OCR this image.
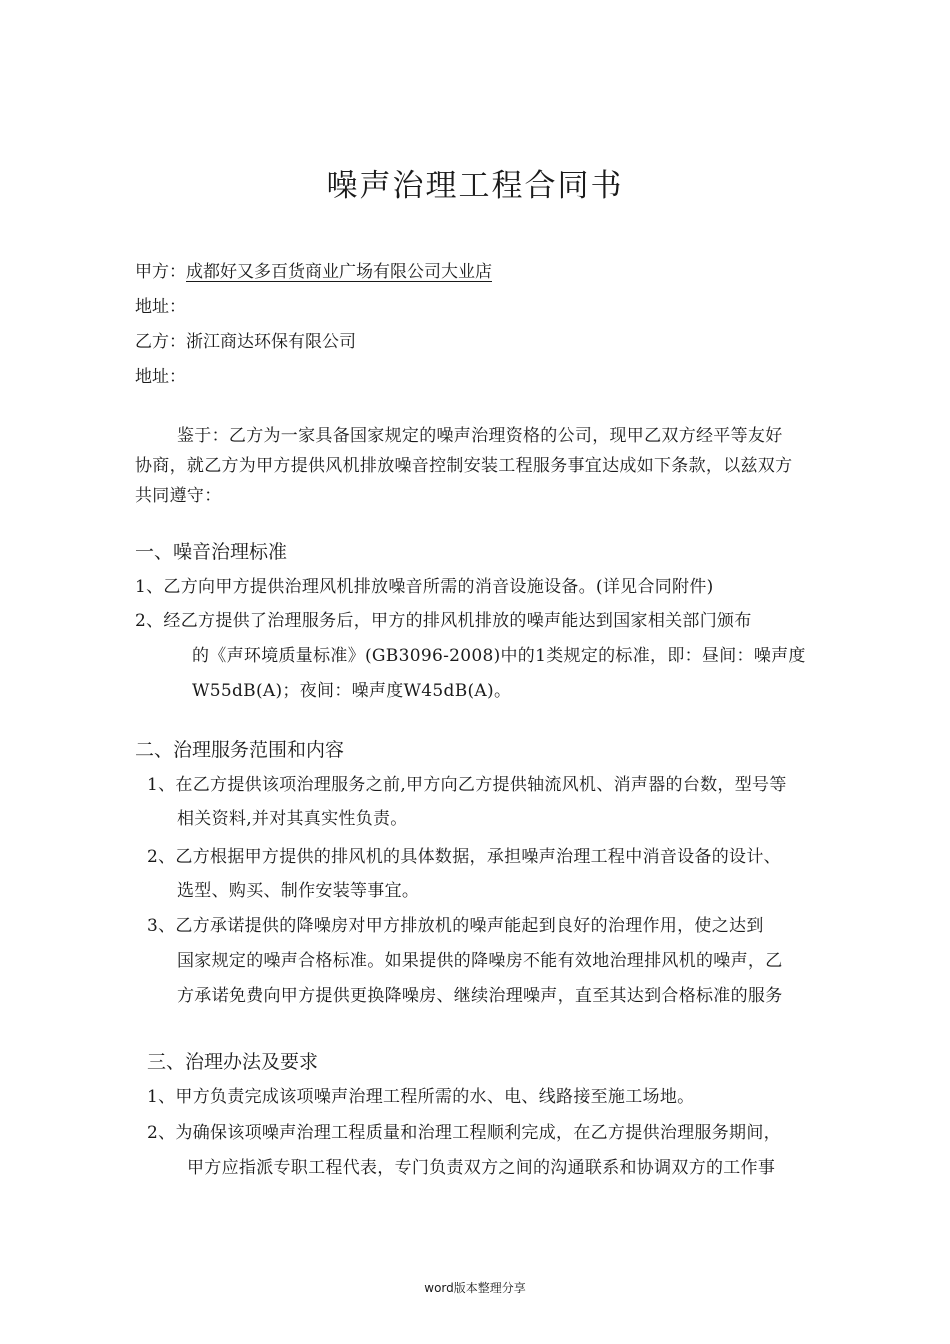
噪声治理工程合同书
甲方：成都好又多百货商业广场有限公司大业店
地址：
乙方：浙江商达环保有限公司
地址：
鉴于：乙方为一家具备国家规定的噪声治理资格的公司，现甲乙双方经平等友好
协商，就乙方为甲方提供风机排放噪音控制安装工程服务事宜达成如下条款，以兹双方
共同遵守：
一、噪音治理标准
1、乙方向甲方提供治理风机排放噪音所需的消音设施设备。(详见合同附件)
2、经乙方提供了治理服务后，甲方的排风机排放的噪声能达到国家相关部门颁布
的《声环境质量标准》(GB3096-2008)中的1类规定的标准，即：昼间：噪声度
W55dB(A)；夜间：噪声度W45dB(A)。
二、治理服务范围和内容
1、在乙方提供该项治理服务之前,甲方向乙方提供轴流风机、消声器的台数，型号等
相关资料,并对其真实性负责。
2、乙方根据甲方提供的排风机的具体数据，承担噪声治理工程中消音设备的设计、
选型、购买、制作安装等事宜。
3、乙方承诺提供的降噪房对甲方排放机的噪声能起到良好的治理作用，使之达到
国家规定的噪声合格标准。如果提供的降噪房不能有效地治理排风机的噪声，乙
方承诺免费向甲方提供更换降噪房、继续治理噪声，直至其达到合格标准的服务
三、治理办法及要求
1、甲方负责完成该项噪声治理工程所需的水、电、线路接至施工场地。
2、为确保该项噪声治理工程质量和治理工程顺利完成，在乙方提供治理服务期间，
甲方应指派专职工程代表，专门负责双方之间的沟通联系和协调双方的工作事
word版本整理分享
